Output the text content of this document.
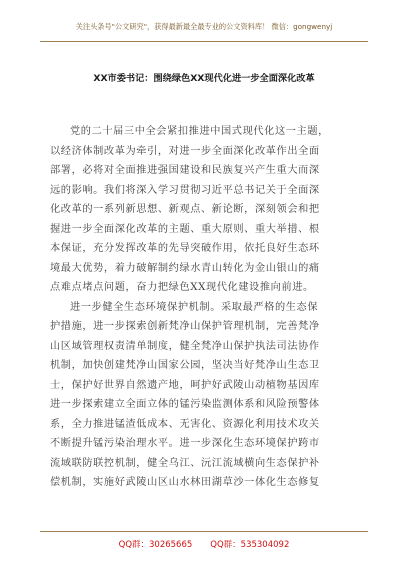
关注头条号"公文研究"，获得最新最全最专业的公文资料库！ 微信：gongwenyj
XX市委书记：围绕绿色XX现代化进一步全面深化改革
党的二十届三中全会紧扣推进中国式现代化这一主题，
以经济体制改革为牵引，对进一步全面深化改革作出全面
部署，必将对全面推进强国建设和民族复兴产生重大而深
远的影响。我们将深入学习贯彻习近平总书记关于全面深
化改革的一系列新思想、新观点、新论断，深刻领会和把
握进一步全面深化改革的主题、重大原则、重大举措、根
本保证，充分发挥改革的先导突破作用，依托良好生态环
境最大优势，着力破解制约绿水青山转化为金山银山的痛
点难点堵点问题，奋力把绿色XX现代化建设推向前进。
进一步健全生态环境保护机制。采取最严格的生态保
护措施，进一步探索创新梵净山保护管理机制，完善梵净
山区域管理权责清单制度，健全梵净山保护执法司法协作
机制，加快创建梵净山国家公园，坚决当好梵净山生态卫
士，保护好世界自然遗产地，呵护好武陵山动植物基因库
进一步探索建立全面立体的锰污染监测体系和风险预警体
系，全力推进锰渣低成本、无害化、资源化利用技术攻关
不断提升锰污染治理水平。进一步深化生态环境保护跨市
流域联防联控机制，健全乌江、沅江流域横向生态保护补
偿机制，实施好武陵山区山水林田湖草沙一体化生态修复
QQ群：30265665 QQ群：535304092
